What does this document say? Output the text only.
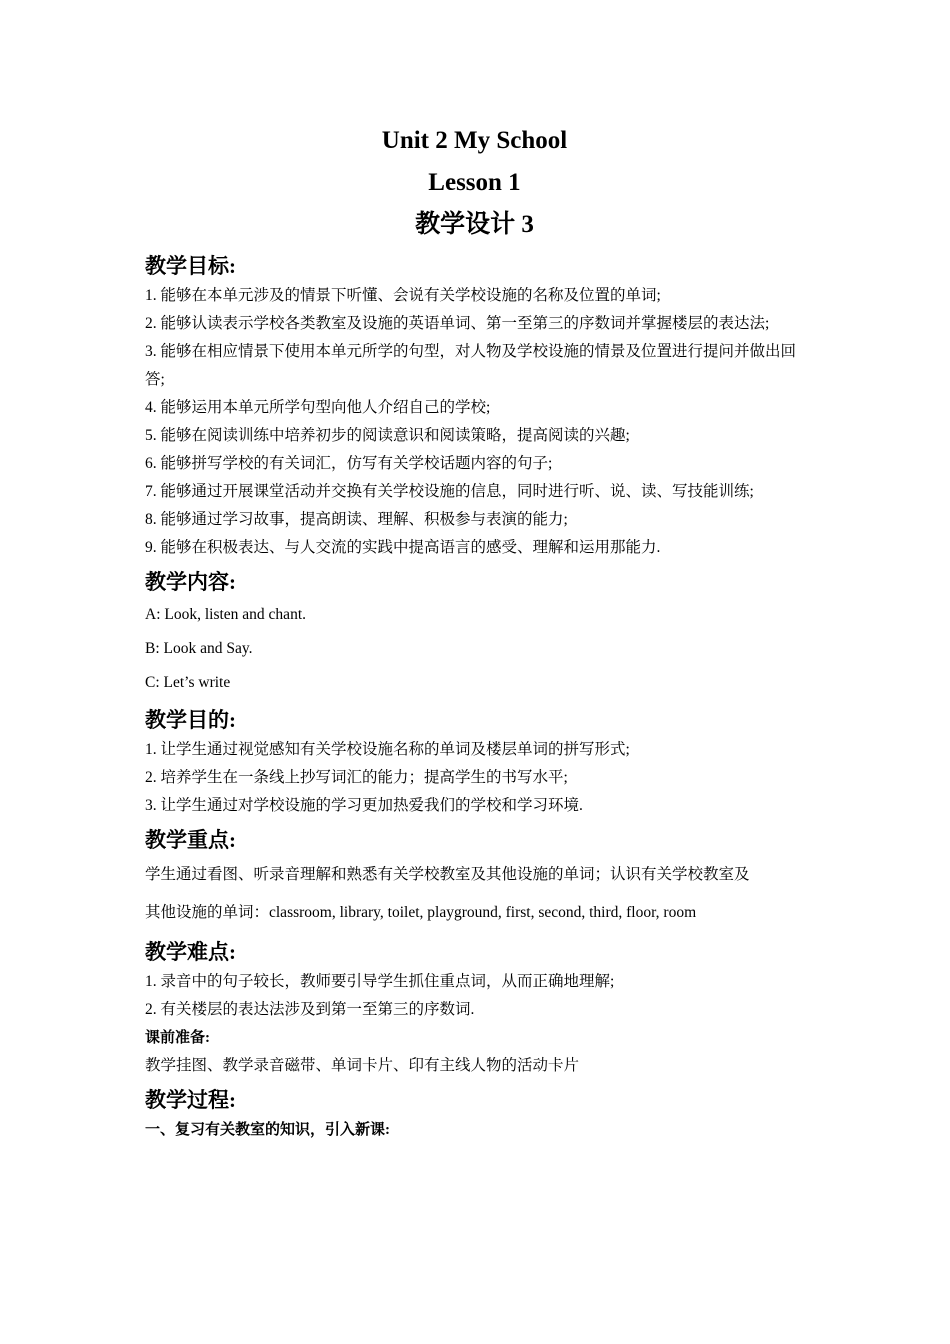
Unit 2 My School
Lesson 1
教学设计 3
教学目标:

1. 能够在本单元涉及的情景下听懂、会说有关学校设施的名称及位置的单词;

2. 能够认读表示学校各类教室及设施的英语单词、第一至第三的序数词并掌握楼层的表达法;

3. 能够在相应情景下使用本单元所学的句型，对人物及学校设施的情景及位置进行提问并做出回答;

4. 能够运用本单元所学句型向他人介绍自己的学校;

5. 能够在阅读训练中培养初步的阅读意识和阅读策略，提高阅读的兴趣;

6. 能够拼写学校的有关词汇，仿写有关学校话题内容的句子;

7. 能够通过开展课堂活动并交换有关学校设施的信息，同时进行听、说、读、写技能训练;

8. 能够通过学习故事，提高朗读、理解、积极参与表演的能力;

9. 能够在积极表达、与人交流的实践中提高语言的感受、理解和运用那能力.

教学内容:

A: Look, listen and chant.

B: Look and Say.

C: Let’s write

教学目的:

1. 让学生通过视觉感知有关学校设施名称的单词及楼层单词的拼写形式;

2. 培养学生在一条线上抄写词汇的能力；提高学生的书写水平;

3. 让学生通过对学校设施的学习更加热爱我们的学校和学习环境.

教学重点:

学生通过看图、听录音理解和熟悉有关学校教室及其他设施的单词；认识有关学校教室及

其他设施的单词：classroom, library, toilet, playground, first, second, third, floor, room

教学难点:

1. 录音中的句子较长，教师要引导学生抓住重点词，从而正确地理解;

2. 有关楼层的表达法涉及到第一至第三的序数词.

课前准备:

教学挂图、教学录音磁带、单词卡片、印有主线人物的活动卡片

教学过程:
一、复习有关教室的知识，引入新课:
